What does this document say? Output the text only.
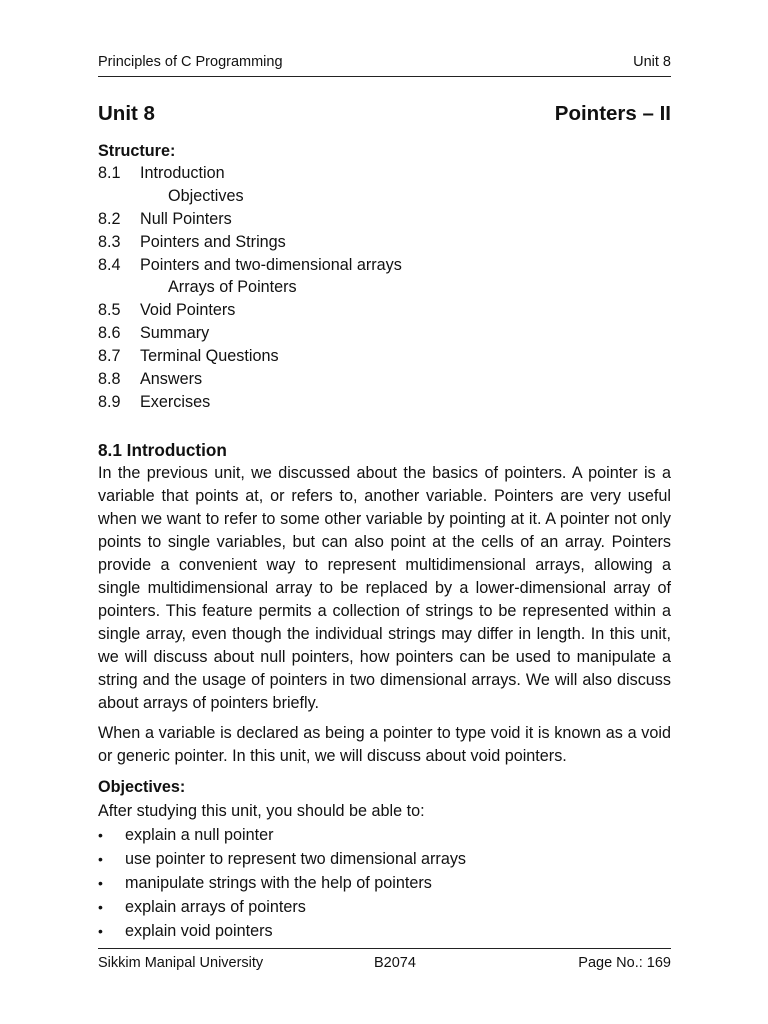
Principles of C Programming	Unit 8
Unit 8	Pointers – II
Structure:
8.1 Introduction
Objectives
8.2 Null Pointers
8.3 Pointers and Strings
8.4 Pointers and two-dimensional arrays
Arrays of Pointers
8.5 Void Pointers
8.6 Summary
8.7 Terminal Questions
8.8 Answers
8.9 Exercises
8.1 Introduction

In the previous unit, we discussed about the basics of pointers. A pointer is a variable that points at, or refers to, another variable. Pointers are very useful when we want to refer to some other variable by pointing at it. A pointer not only points to single variables, but can also point at the cells of an array. Pointers provide a convenient way to represent multidimensional arrays, allowing a single multidimensional array to be replaced by a lower-dimensional array of pointers. This feature permits a collection of strings to be represented within a single array, even though the individual strings may differ in length. In this unit, we will discuss about null pointers, how pointers can be used to manipulate a string and the usage of pointers in two dimensional arrays. We will also discuss about arrays of pointers briefly.

When a variable is declared as being a pointer to type void it is known as a void or generic pointer. In this unit, we will discuss about void pointers.

Objectives:
After studying this unit, you should be able to:
• explain a null pointer
• use pointer to represent two dimensional arrays
• manipulate strings with the help of pointers
• explain arrays of pointers
• explain void pointers
Sikkim Manipal University	B2074	Page No.: 169
